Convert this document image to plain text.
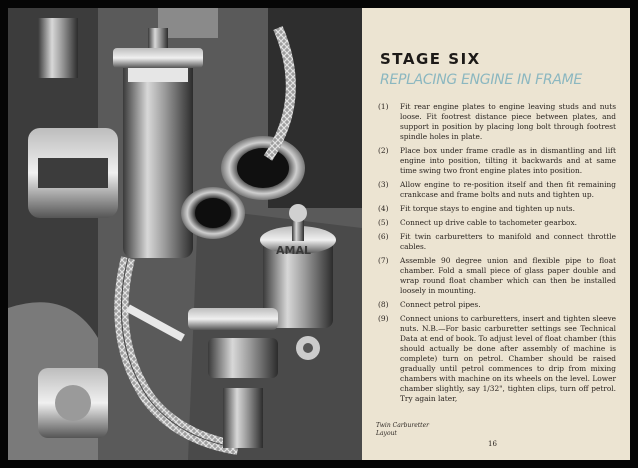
AMAL
STAGE SIX
REPLACING ENGINE IN FRAME
(1)	Fit rear engine plates to engine leaving studs and nuts loose. Fit footrest distance piece between plates, and support in position by placing long bolt through footrest spindle holes in plate.
(2)	Place box under frame cradle as in dismantling and lift engine into position, tilting it backwards and at same time swing two front engine plates into position.
(3)	Allow engine to re-position itself and then fit remaining crankcase and frame bolts and nuts and tighten up.
(4)	Fit torque stays to engine and tighten up nuts.
(5)	Connect up drive cable to tachometer gearbox.
(6)	Fit twin carburetters to manifold and connect throttle cables.
(7)	Assemble 90 degree union and flexible pipe to float chamber. Fold a small piece of glass paper double and wrap round float chamber which can then be installed loosely in mounting.
(8)	Connect petrol pipes.
(9)	Connect unions to carburetters, insert and tighten sleeve nuts. N.B.—For basic carburetter settings see Technical Data at end of book. To adjust level of float chamber (this should actually be done after assembly of machine is complete) turn on petrol. Chamber should be raised gradually until petrol commences to drip from mixing chambers with machine on its wheels on the level. Lower chamber slightly, say 1/32", tighten clips, turn off petrol. Try again later,
Twin Carburetter
Layout
16
